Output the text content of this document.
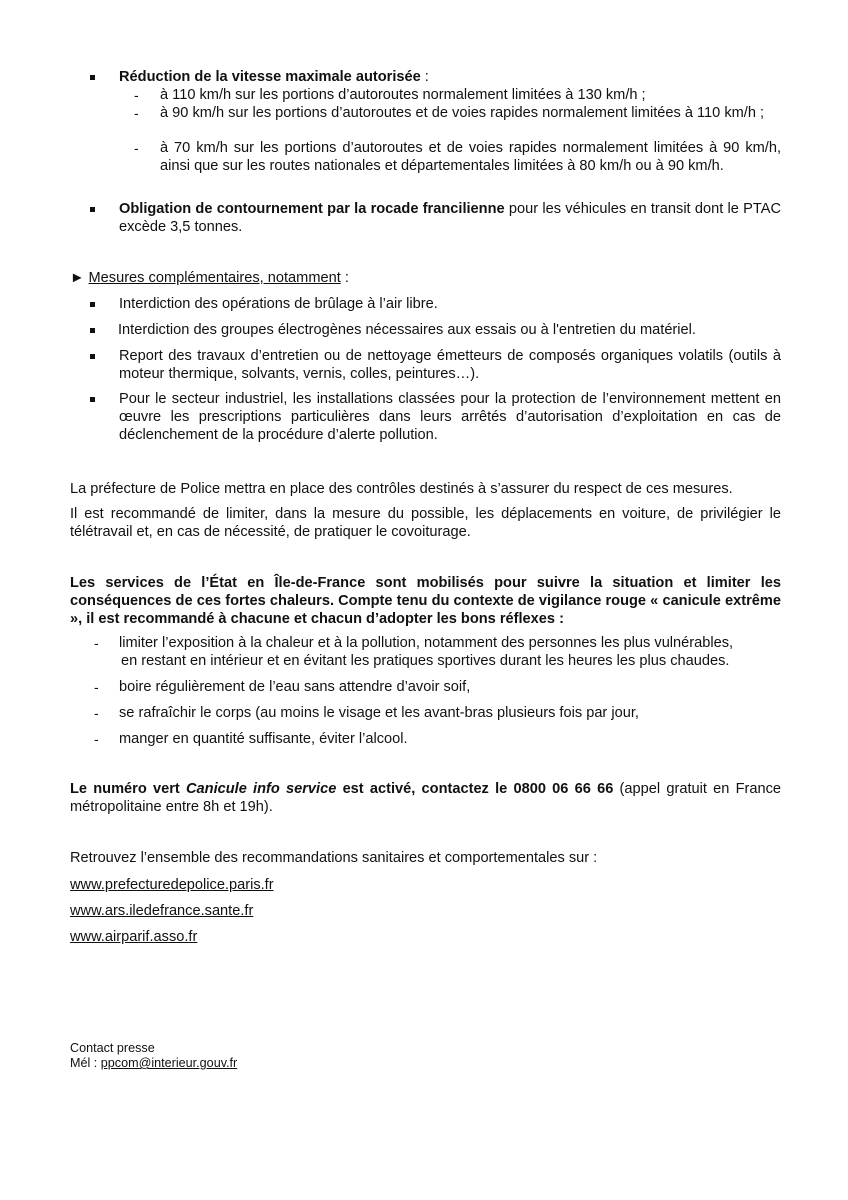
Réduction de la vitesse maximale autorisée :
- à 110 km/h sur les portions d’autoroutes normalement limitées à 130 km/h ;
- à 90 km/h sur les portions d’autoroutes et de voies rapides normalement limitées à 110 km/h ;
- à 70 km/h sur les portions d’autoroutes et de voies rapides normalement limitées à 90 km/h, ainsi que sur les routes nationales et départementales limitées à 80 km/h ou à 90 km/h.
Obligation de contournement par la rocade francilienne pour les véhicules en transit dont le PTAC excède 3,5 tonnes.
► Mesures complémentaires, notamment :
Interdiction des opérations de brûlage à l’air libre.
Interdiction des groupes électrogènes nécessaires aux essais ou à l'entretien du matériel.
Report des travaux d’entretien ou de nettoyage émetteurs de composés organiques volatils (outils à moteur thermique, solvants, vernis, colles, peintures…).
Pour le secteur industriel, les installations classées pour la protection de l’environnement mettent en œuvre les prescriptions particulières dans leurs arrêtés d’autorisation d’exploitation en cas de déclenchement de la procédure d’alerte pollution.
La préfecture de Police mettra en place des contrôles destinés à s’assurer du respect de ces mesures.
Il est recommandé de limiter, dans la mesure du possible, les déplacements en voiture, de privilégier le télétravail et, en cas de nécessité, de pratiquer le covoiturage.
Les services de l’État en Île-de-France sont mobilisés pour suivre la situation et limiter les conséquences de ces fortes chaleurs. Compte tenu du contexte de vigilance rouge « canicule extrême », il est recommandé à chacune et chacun d’adopter les bons réflexes :
- limiter l’exposition à la chaleur et à la pollution, notamment des personnes les plus vulnérables,
en restant en intérieur et en évitant les pratiques sportives durant les heures les plus chaudes.
- boire régulièrement de l’eau sans attendre d’avoir soif,
- se rafraîchir le corps (au moins le visage et les avant-bras plusieurs fois par jour,
- manger en quantité suffisante, éviter l’alcool.
Le numéro vert Canicule info service est activé, contactez le 0800 06 66 66 (appel gratuit en France métropolitaine entre 8h et 19h).
Retrouvez l’ensemble des recommandations sanitaires et comportementales sur :
www.prefecturedepolice.paris.fr
www.ars.iledefrance.sante.fr
www.airparif.asso.fr
Contact presse
Mél : ppcom@interieur.gouv.fr
